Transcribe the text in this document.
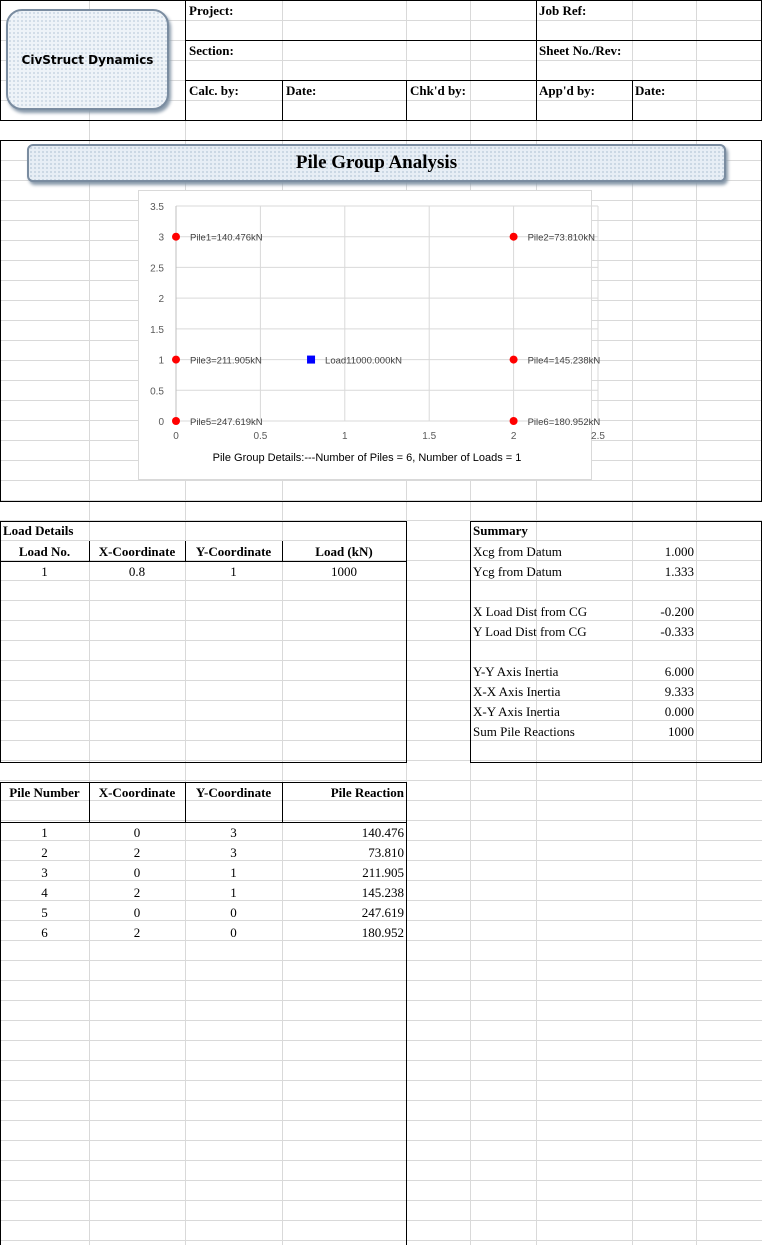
CivStruct Dynamics
Project:	Job Ref:
Section:	Sheet No./Rev:
Calc. by:	Date:	Chk'd by:	App'd by:	Date:
Pile Group Analysis
0	0.5	1	1.5	2	2.5
0
0.5
1
1.5
2
2.5
3
3.5
Pile1=140.476kN	Pile2=73.810kN
Pile3=211.905kN	Pile4=145.238kN
Pile5=247.619kN	Pile6=180.952kN
Load11000.000kN
Pile Group Details:---Number of Piles = 6, Number of Loads = 1
Load Details
Load No.	X-Coordinate	Y-Coordinate	Load (kN)
1	0.8	1	1000
Summary
Xcg from Datum	1.000
Ycg from Datum	1.333
X Load Dist from CG	-0.200
Y Load Dist from CG	-0.333
Y-Y Axis Inertia	6.000
X-X Axis Inertia	9.333
X-Y Axis Inertia	0.000
Sum Pile Reactions	1000
Pile Number	X-Coordinate	Y-Coordinate	Pile Reaction
1	0	3	140.476
2	2	3	73.810
3	0	1	211.905
4	2	1	145.238
5	0	0	247.619
6	2	0	180.952
